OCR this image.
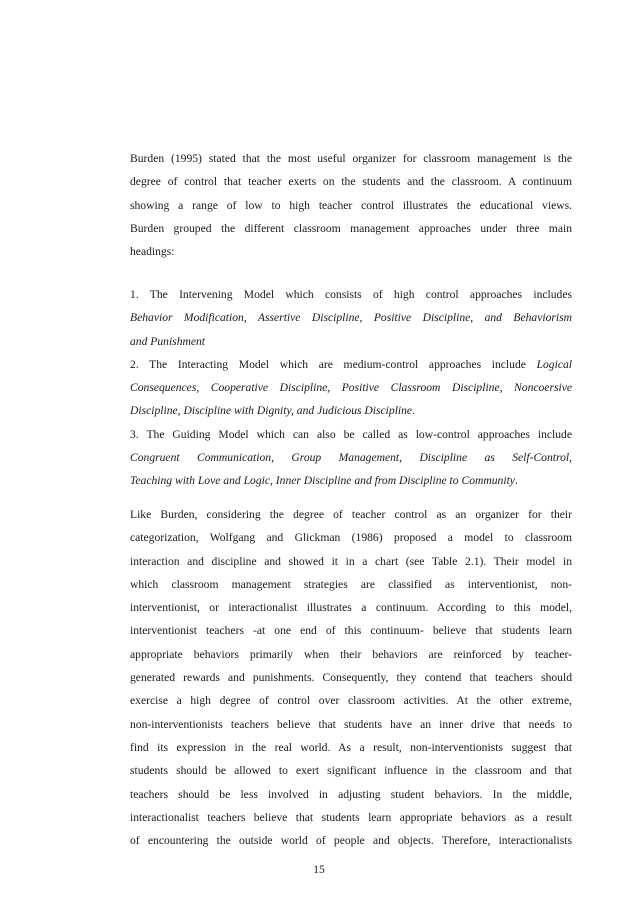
Burden (1995) stated that the most useful organizer for classroom management is the
degree of control that teacher exerts on the students and the classroom. A continuum
showing a range of low to high teacher control illustrates the educational views.
Burden grouped the different classroom management approaches under three main
headings:
1. The Intervening Model which consists of high control approaches includes
Behavior Modification, Assertive Discipline, Positive Discipline, and Behaviorism
and Punishment
2. The Interacting Model which are medium-control approaches include Logical
Consequences, Cooperative Discipline, Positive Classroom Discipline, Noncoersive
Discipline, Discipline with Dignity, and Judicious Discipline.
3. The Guiding Model which can also be called as low-control approaches include
Congruent Communication, Group Management, Discipline as Self-Control,
Teaching with Love and Logic, Inner Discipline and from Discipline to Community.
Like Burden, considering the degree of teacher control as an organizer for their
categorization, Wolfgang and Glickman (1986) proposed a model to classroom
interaction and discipline and showed it in a chart (see Table 2.1). Their model in
which classroom management strategies are classified as interventionist, non-
interventionist, or interactionalist illustrates a continuum. According to this model,
interventionist teachers -at one end of this continuum- believe that students learn
appropriate behaviors primarily when their behaviors are reinforced by teacher-
generated rewards and punishments. Consequently, they contend that teachers should
exercise a high degree of control over classroom activities. At the other extreme,
non-interventionists teachers believe that students have an inner drive that needs to
find its expression in the real world. As a result, non-interventionists suggest that
students should be allowed to exert significant influence in the classroom and that
teachers should be less involved in adjusting student behaviors. In the middle,
interactionalist teachers believe that students learn appropriate behaviors as a result
of encountering the outside world of people and objects. Therefore, interactionalists
15
